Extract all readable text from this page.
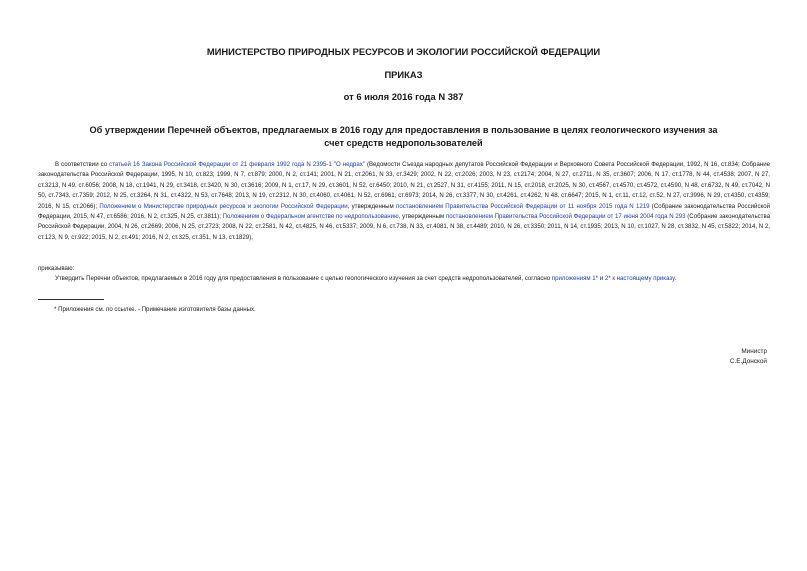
МИНИСТЕРСТВО ПРИРОДНЫХ РЕСУРСОВ И ЭКОЛОГИИ РОССИЙСКОЙ ФЕДЕРАЦИИ
ПРИКАЗ
от 6 июля 2016 года N 387
Об утверждении Перечней объектов, предлагаемых в 2016 году для предоставления в пользование в целях геологического изучения за счет средств недропользователей
В соответствии со статьей 16 Закона Российской Федерации от 21 февраля 1992 года N 2395-1 "О недрах" (Ведомости Съезда народных депутатов Российской Федерации и Верховного Совета Российской Федерации, 1992, N 16, ст.834; Собрание законодательства Российской Федерации, 1995, N 10, ст.823; 1999, N 7, ст.879; 2000, N 2, ст.141; 2001, N 21, ст.2061, N 33, ст.3429; 2002, N 22, ст.2026; 2003, N 23, ст.2174; 2004, N 27, ст.2711, N 35, ст.3607; 2006, N 17, ст.1778, N 44, ст.4538; 2007, N 27, ст.3213, N 49, ст.6056; 2008, N 18, ст.1941, N 29, ст.3418, ст.3420, N 30, ст.3616; 2009, N 1, ст.17, N 29, ст.3601, N 52, ст.6450; 2010, N 21, ст.2527, N 31, ст.4155; 2011, N 15, ст.2018, ст.2025, N 30, ст.4567, ст.4570, ст.4572, ст.4590, N 48, ст.6732, N 49, ст.7042, N 50, ст.7343, ст.7359; 2012, N 25, ст.3264, N 31, ст.4322, N 53, ст.7648; 2013, N 19, ст.2312, N 30, ст.4060, ст.4061, N 52, ст.6961, ст.6973; 2014, N 26, ст.3377, N 30, ст.4261, ст.4262, N 48, ст.6647; 2015, N 1, ст.11, ст.12, ст.52, N 27, ст.3996, N 29, ст.4350, ст.4359; 2016, N 15, ст.2066); Положением о Министерстве природных ресурсов и экологии Российской Федерации, утвержденным постановлением Правительства Российской Федерации от 11 ноября 2015 года N 1219 (Собрание законодательства Российской Федерации, 2015, N 47, ст.6586; 2016, N 2, ст.325, N 25, ст.3811); Положением о Федеральном агентстве по недропользованию, утвержденным постановлением Правительства Российской Федерации от 17 июня 2004 года N 293 (Собрание законодательства Российской Федерации, 2004, N 26, ст.2669; 2006, N 25, ст.2723; 2008, N 22, ст.2581, N 42, ст.4825, N 46, ст.5337; 2009, N 6, ст.738, N 33, ст.4081, N 38, ст.4489; 2010, N 26, ст.3350; 2011, N 14, ст.1935; 2013, N 10, ст.1027, N 28, ст.3832, N 45, ст.5822; 2014, N 2, ст.123, N 9, ст.922; 2015, N 2, ст.491; 2016, N 2, ст.325, ст.351, N 13, ст.1829),
приказываю:
Утвердить Перечни объектов, предлагаемых в 2016 году для предоставления в пользование с целью геологического изучения за счет средств недропользователей, согласно приложениям 1* и 2* к настоящему приказу.
* Приложения см. по ссылке. - Примечание изготовителя базы данных.
Министр
С.Е.Донской
